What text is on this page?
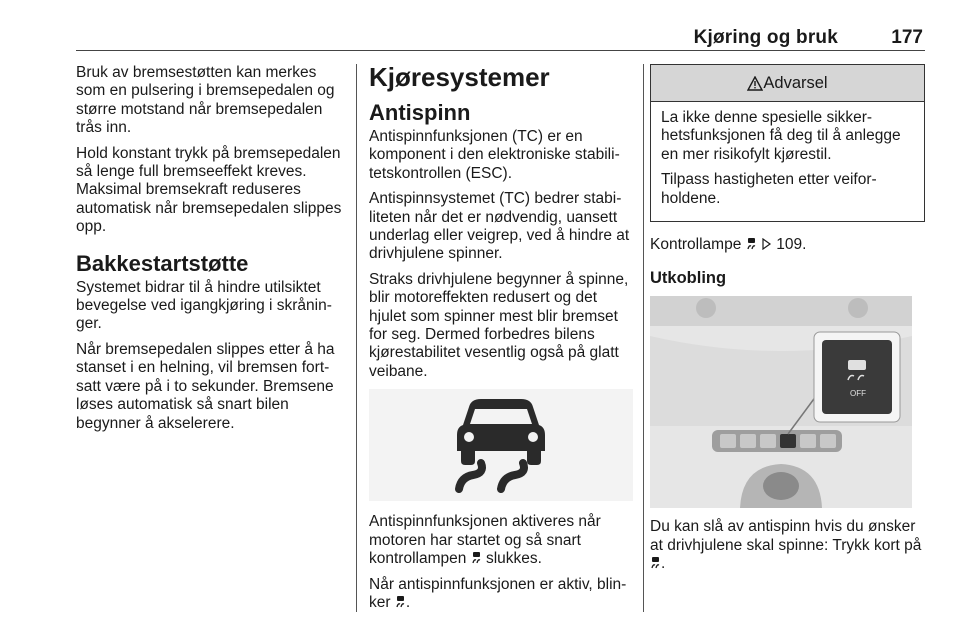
Kjøring og bruk	177

Bruk av bremsestøtten kan merkes som en pulsering i bremsepedalen og større motstand når bremsepedalen trås inn.

Hold konstant trykk på bremsepedalen så lenge full bremseeffekt kreves. Maksimal bremsekraft reduseres automatisk når bremsepedalen slippes opp.

Bakkestartstøtte

Systemet bidrar til å hindre utilsiktet bevegelse ved igangkjøring i skråninger.

Når bremsepedalen slippes etter å ha stanset i en helning, vil bremsen fortsatt være på i to sekunder. Bremsene løses automatisk så snart bilen begynner å akselerere.

Kjøresystemer
Antispinn

Antispinnfunksjonen (TC) er en komponent i den elektroniske stabilitetskontrollen (ESC).

Antispinnsystemet (TC) bedrer stabiliteten når det er nødvendig, uansett underlag eller veigrep, ved å hindre at drivhjulene spinner.

Straks drivhjulene begynner å spinne, blir motoreffekten redusert og det hjulet som spinner mest blir bremset for seg. Dermed forbedres bilens kjørestabilitet vesentlig også på glatt veibane.

Antispinnfunksjonen aktiveres når motoren har startet og så snart kontrollampen slukkes.

Når antispinnfunksjonen er aktiv, blinker .

Advarsel

La ikke denne spesielle sikkerhetsfunksjonen få deg til å anlegge en mer risikofylt kjørestil.

Tilpass hastigheten etter veiforholdene.

Kontrollampe 109.

Utkobling
OFF

Du kan slå av antispinn hvis du ønsker at drivhjulene skal spinne: Trykk kort på .
